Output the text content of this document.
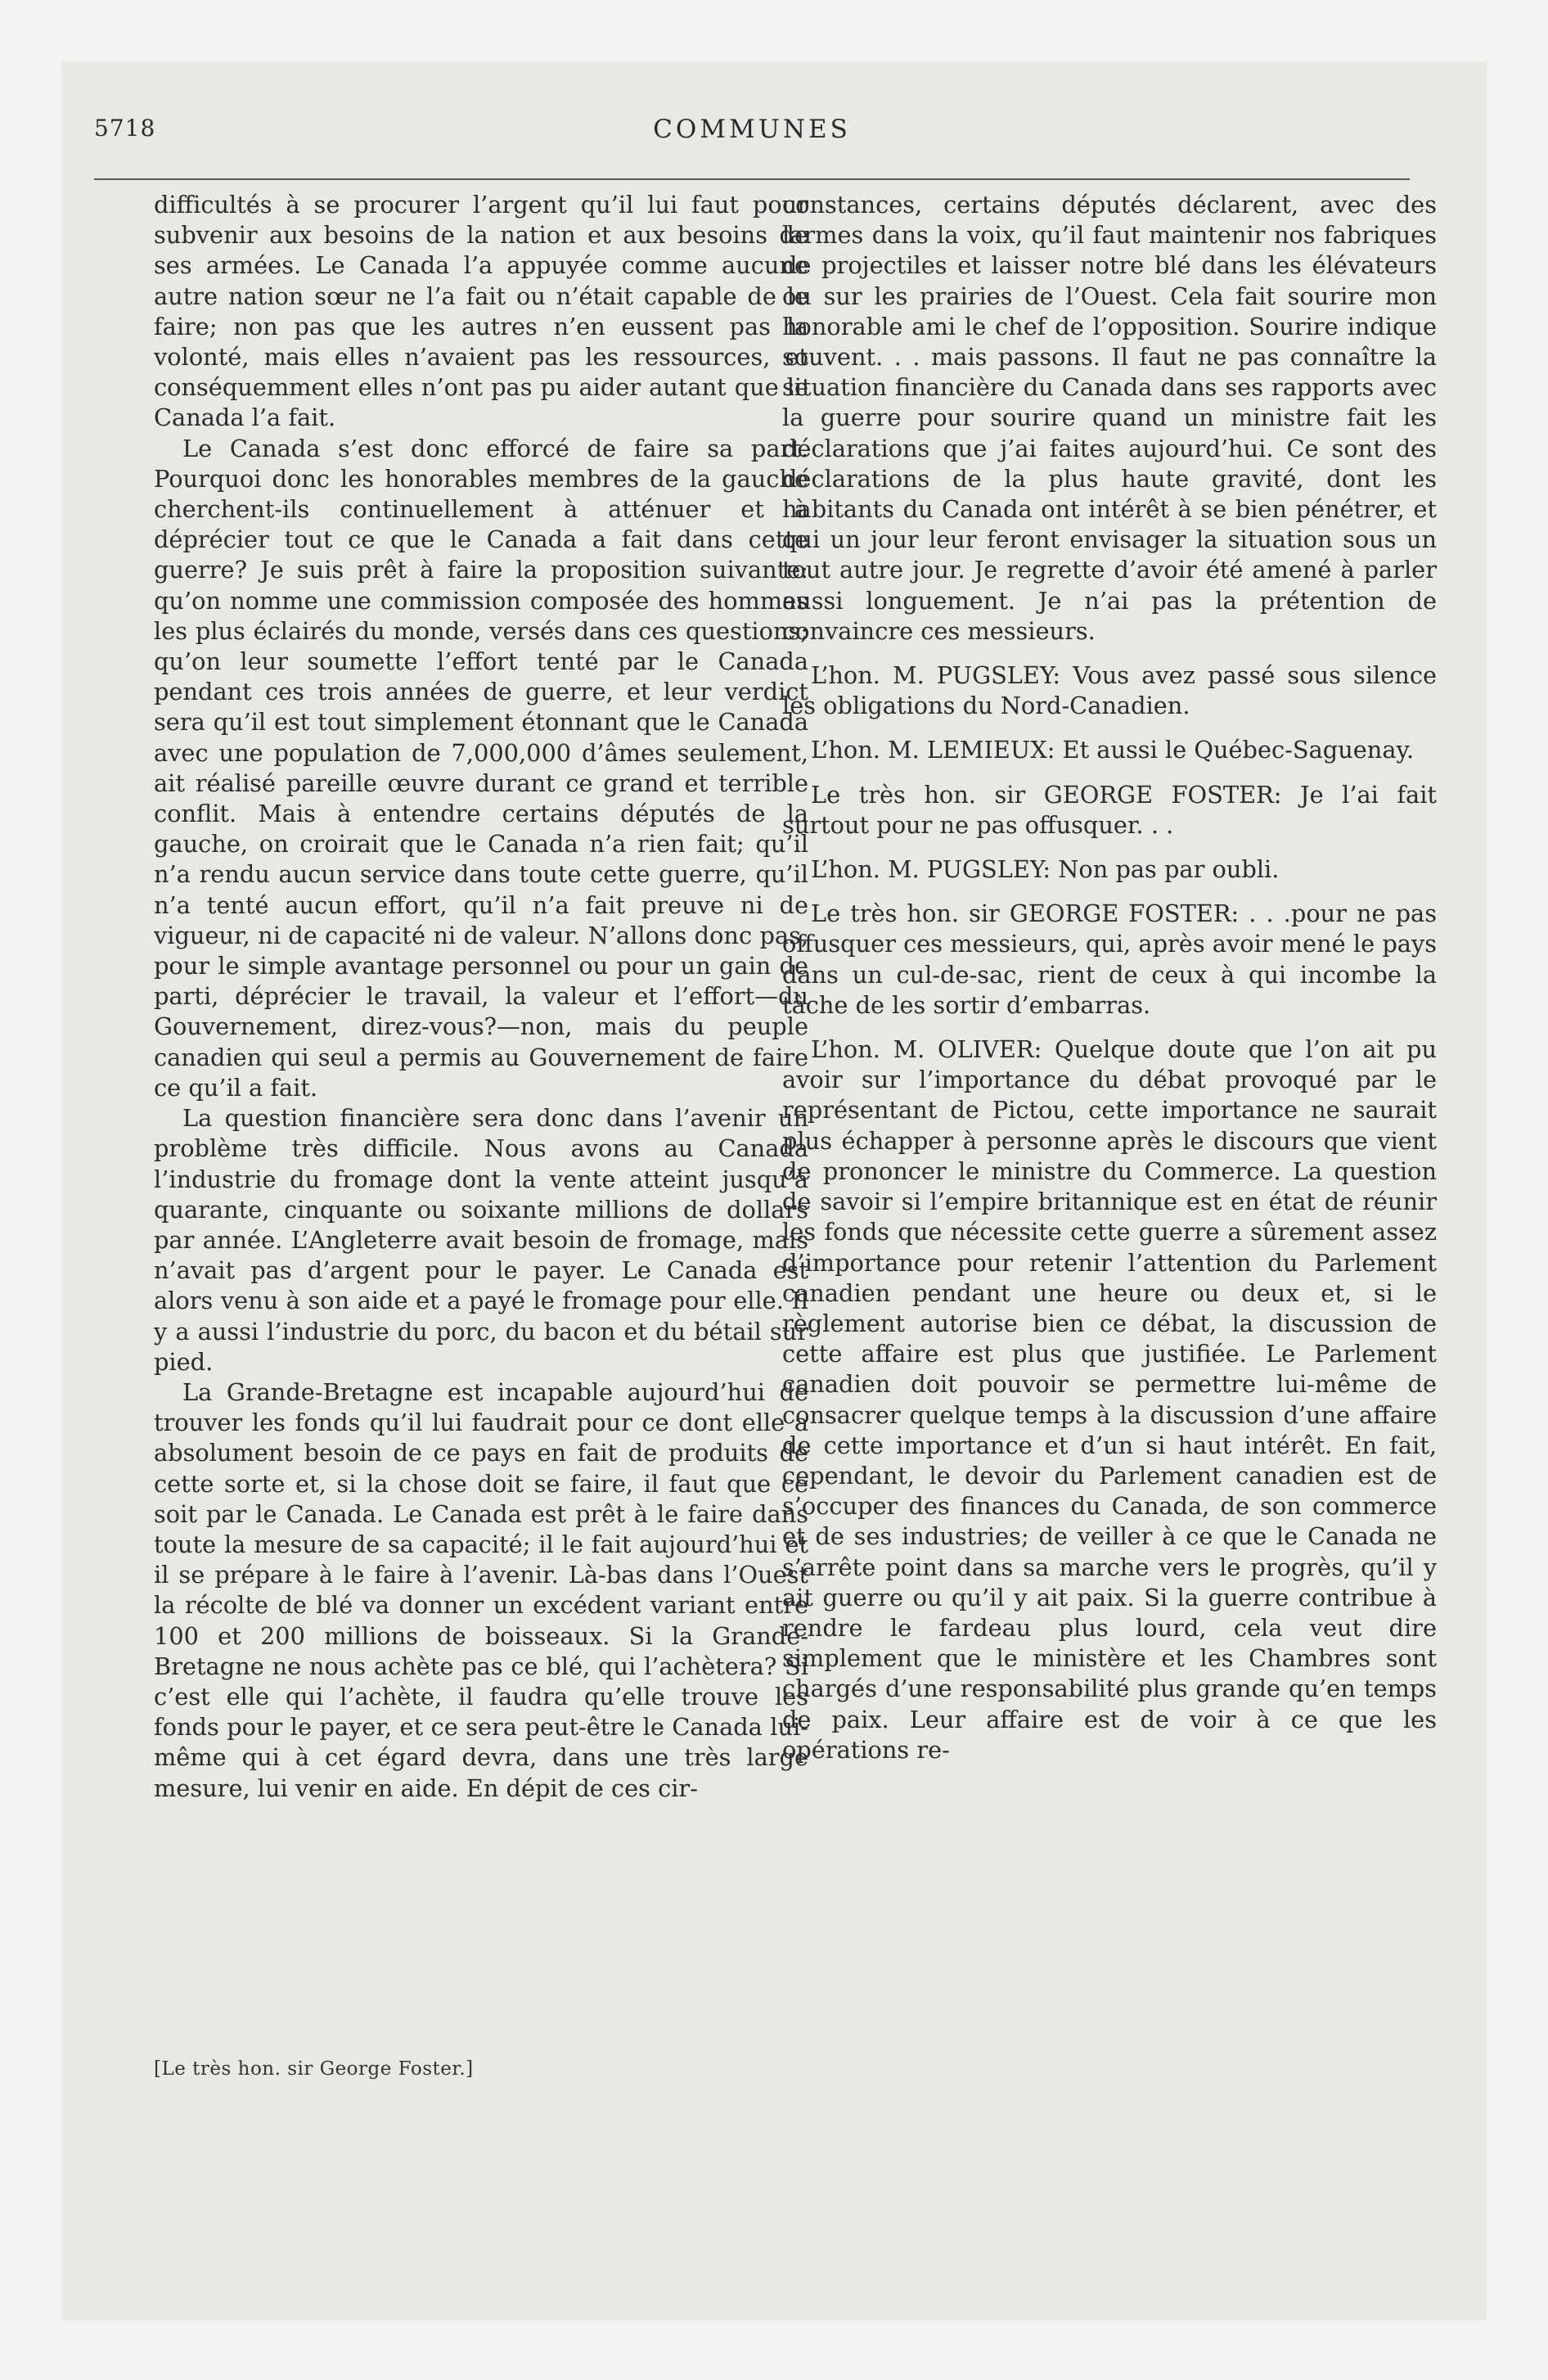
5718	COMMUNES

difficultés à se procurer l’argent qu’il lui faut pour subvenir aux besoins de la nation et aux besoins de ses armées. Le Canada l’a appuyée comme aucune autre nation sœur ne l’a fait ou n’était capable de le faire; non pas que les autres n’en eussent pas la volonté, mais elles n’avaient pas les ressources, et conséquemment elles n’ont pas pu aider autant que le Canada l’a fait.

Le Canada s’est donc efforcé de faire sa part. Pourquoi donc les honorables membres de la gauche cherchent-ils continuellement à atténuer et à déprécier tout ce que le Canada a fait dans cette guerre? Je suis prêt à faire la proposition suivante: qu’on nomme une commission composée des hommes les plus éclairés du monde, versés dans ces questions; qu’on leur soumette l’effort tenté par le Canada pendant ces trois années de guerre, et leur verdict sera qu’il est tout simplement étonnant que le Canada avec une population de 7,000,000 d’âmes seulement, ait réalisé pareille œuvre durant ce grand et terrible conflit. Mais à entendre certains députés de la gauche, on croirait que le Canada n’a rien fait; qu’il n’a rendu aucun service dans toute cette guerre, qu’il n’a tenté aucun effort, qu’il n’a fait preuve ni de vigueur, ni de capacité ni de valeur. N’allons donc pas, pour le simple avantage personnel ou pour un gain de parti, déprécier le travail, la valeur et l’effort—du Gouvernement, direz-vous?—non, mais du peuple canadien qui seul a permis au Gouvernement de faire ce qu’il a fait.

La question financière sera donc dans l’avenir un problème très difficile. Nous avons au Canada l’industrie du fromage dont la vente atteint jusqu’à quarante, cinquante ou soixante millions de dollars par année. L’Angleterre avait besoin de fromage, mais n’avait pas d’argent pour le payer. Le Canada est alors venu à son aide et a payé le fromage pour elle. Il y a aussi l’industrie du porc, du bacon et du bétail sur pied.

La Grande-Bretagne est incapable aujourd’hui de trouver les fonds qu’il lui faudrait pour ce dont elle a absolument besoin de ce pays en fait de produits de cette sorte et, si la chose doit se faire, il faut que ce soit par le Canada. Le Canada est prêt à le faire dans toute la mesure de sa capacité; il le fait aujourd’hui et il se prépare à le faire à l’avenir. Là-bas dans l’Ouest la récolte de blé va donner un excédent variant entre 100 et 200 millions de boisseaux. Si la Grande-Bretagne ne nous achète pas ce blé, qui l’achètera? Si c’est elle qui l’achète, il faudra qu’elle trouve les fonds pour le payer, et ce sera peut-être le Canada lui-même qui à cet égard devra, dans une très large mesure, lui venir en aide. En dépit de ces cir-

[Le très hon. sir George Foster.]

constances, certains députés déclarent, avec des larmes dans la voix, qu’il faut maintenir nos fabriques de projectiles et laisser notre blé dans les élévateurs ou sur les prairies de l’Ouest. Cela fait sourire mon honorable ami le chef de l’opposition. Sourire indique souvent. . . mais passons. Il faut ne pas connaître la situation financière du Canada dans ses rapports avec la guerre pour sourire quand un ministre fait les déclarations que j’ai faites aujourd’hui. Ce sont des déclarations de la plus haute gravité, dont les habitants du Canada ont intérêt à se bien pénétrer, et qui un jour leur feront envisager la situation sous un tout autre jour. Je regrette d’avoir été amené à parler aussi longuement. Je n’ai pas la prétention de convaincre ces messieurs.

L’hon. M. PUGSLEY: Vous avez passé sous silence les obligations du Nord-Canadien.

L’hon. M. LEMIEUX: Et aussi le Québec-Saguenay.

Le très hon. sir GEORGE FOSTER: Je l’ai fait surtout pour ne pas offusquer. . .

L’hon. M. PUGSLEY: Non pas par oubli.

Le très hon. sir GEORGE FOSTER: . . .pour ne pas offusquer ces messieurs, qui, après avoir mené le pays dans un cul-de-sac, rient de ceux à qui incombe la tâche de les sortir d’embarras.

L’hon. M. OLIVER: Quelque doute que l’on ait pu avoir sur l’importance du débat provoqué par le représentant de Pictou, cette importance ne saurait plus échapper à personne après le discours que vient de prononcer le ministre du Commerce. La question de savoir si l’empire britannique est en état de réunir les fonds que nécessite cette guerre a sûrement assez d’importance pour retenir l’attention du Parlement canadien pendant une heure ou deux et, si le règlement autorise bien ce débat, la discussion de cette affaire est plus que justifiée. Le Parlement canadien doit pouvoir se permettre lui-même de consacrer quelque temps à la discussion d’une affaire de cette importance et d’un si haut intérêt. En fait, cependant, le devoir du Parlement canadien est de s’occuper des finances du Canada, de son commerce et de ses industries; de veiller à ce que le Canada ne s’arrête point dans sa marche vers le progrès, qu’il y ait guerre ou qu’il y ait paix. Si la guerre contribue à rendre le fardeau plus lourd, cela veut dire simplement que le ministère et les Chambres sont chargés d’une responsabilité plus grande qu’en temps de paix. Leur affaire est de voir à ce que les opérations re-
